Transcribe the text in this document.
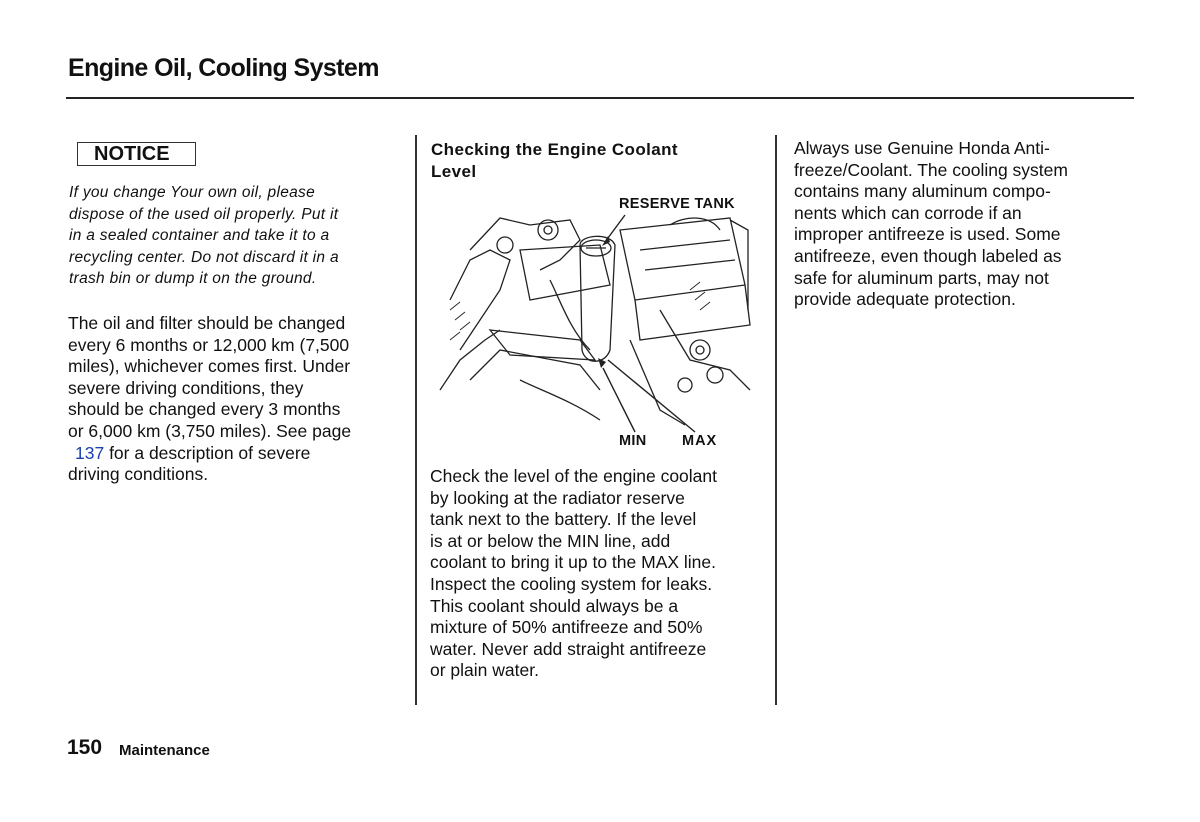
Engine Oil, Cooling System
NOTICE
If you change Your own oil, please
dispose of the used oil properly. Put it
in a sealed container and take it to a
recycling center. Do not discard it in a
trash bin or dump it on the ground.
The oil and filter should be changed
every 6 months or 12,000 km (7,500
miles), whichever comes first. Under
severe driving conditions, they
should be changed every 3 months
or 6,000 km (3,750 miles). See page
137 for a description of severe
driving conditions.
Checking the Engine Coolant
Level
RESERVE TANK
MIN MAX
Check the level of the engine coolant
by looking at the radiator reserve
tank next to the battery. If the level
is at or below the MIN line, add
coolant to bring it up to the MAX line.
Inspect the cooling system for leaks.
This coolant should always be a
mixture of 50% antifreeze and 50%
water. Never add straight antifreeze
or plain water.
Always use Genuine Honda Anti-
freeze/Coolant. The cooling system
contains many aluminum compo-
nents which can corrode if an
improper antifreeze is used. Some
antifreeze, even though labeled as
safe for aluminum parts, may not
provide adequate protection.
150 Maintenance
